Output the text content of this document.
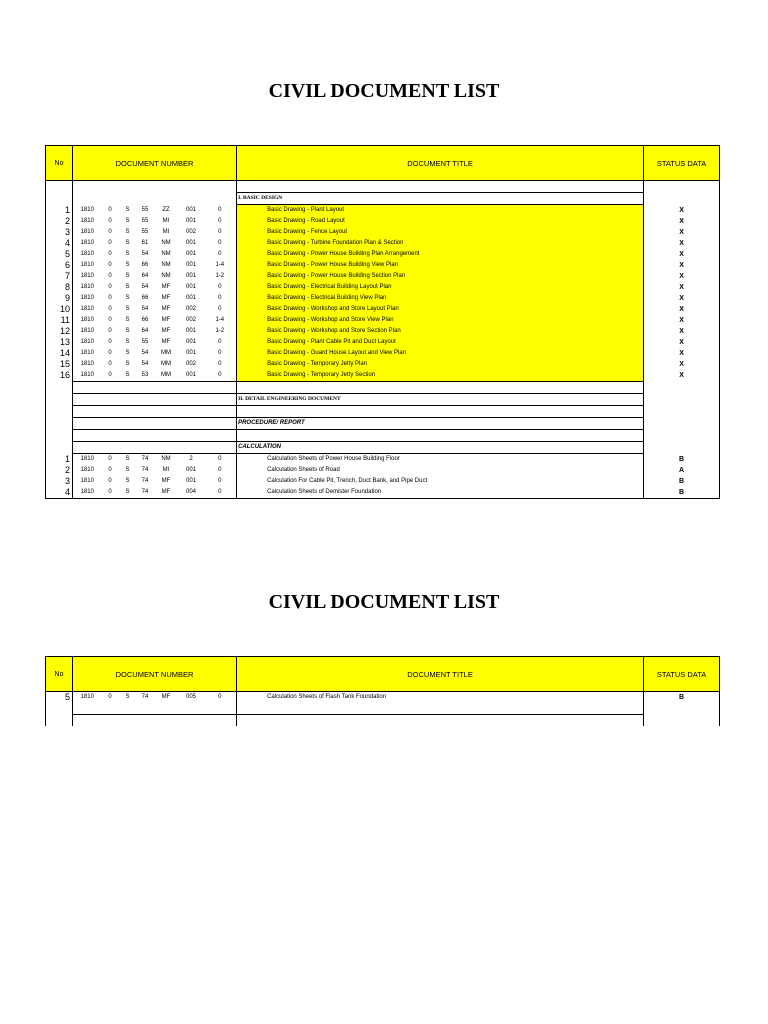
CIVIL DOCUMENT LIST
No	DOCUMENT NUMBER							DOCUMENT TITLE	STATUS DATA

								I. BASIC DESIGN	
1	1810	0	S	55	ZZ	001	0	Basic Drawing - Plant Layout	X
2	1810	0	S	55	MI	001	0	Basic Drawing - Road Layout	X
3	1810	0	S	55	MI	002	0	Basic Drawing - Fence Layout	X
4	1810	0	S	61	NM	001	0	Basic Drawing - Turbine Foundation Plan & Section	X
5	1810	0	S	54	NM	001	0	Basic Drawing - Power House Building Plan Arrangement	X
6	1810	0	S	66	NM	001	1-4	Basic Drawing - Power House Building View Plan	X
7	1810	0	S	64	NM	001	1-2	Basic Drawing - Power House Building Section Plan	X
8	1810	0	S	54	MF	001	0	Basic Drawing - Electrical Building Layout Plan	X
9	1810	0	S	66	MF	001	0	Basic Drawing - Electrical Building View Plan	X
10	1810	0	S	54	MF	002	0	Basic Drawing - Workshop and Store Layout Plan	X
11	1810	0	S	66	MF	002	1-4	Basic Drawing - Workshop and Store View Plan	X
12	1810	0	S	64	MF	001	1-2	Basic Drawing - Workshop and Store Section Plan	X
13	1810	0	S	55	MF	001	0	Basic Drawing - Plant Cable Pit and Duct Layout	X
14	1810	0	S	54	MM	001	0	Basic Drawing - Guard House Layout and View Plan	X
15	1810	0	S	54	MM	002	0	Basic Drawing - Temporary Jetty Plan	X
16	1810	0	S	53	MM	001	0	Basic Drawing - Temporary Jetty Section	X

								II. DETAIL ENGINEERING DOCUMENT	

								PROCEDURE/ REPORT	

								CALCULATION	
1	1810	0	S	74	NM	2	0	Calculation Sheets of Power House Building Floor	B
2	1810	0	S	74	MI	001	0	Calculation Sheets of Road	A
3	1810	0	S	74	MF	001	0	Calculation For Cable Pit, Trench, Duct Bank, and Pipe Duct	B
4	1810	0	S	74	MF	004	0	Calculation Sheets of Demister Foundation	B
CIVIL DOCUMENT LIST
No	DOCUMENT NUMBER							DOCUMENT TITLE	STATUS DATA
5	1810	0	S	74	MF	005	0	Calculation Sheets of Flash Tank Foundation	B
